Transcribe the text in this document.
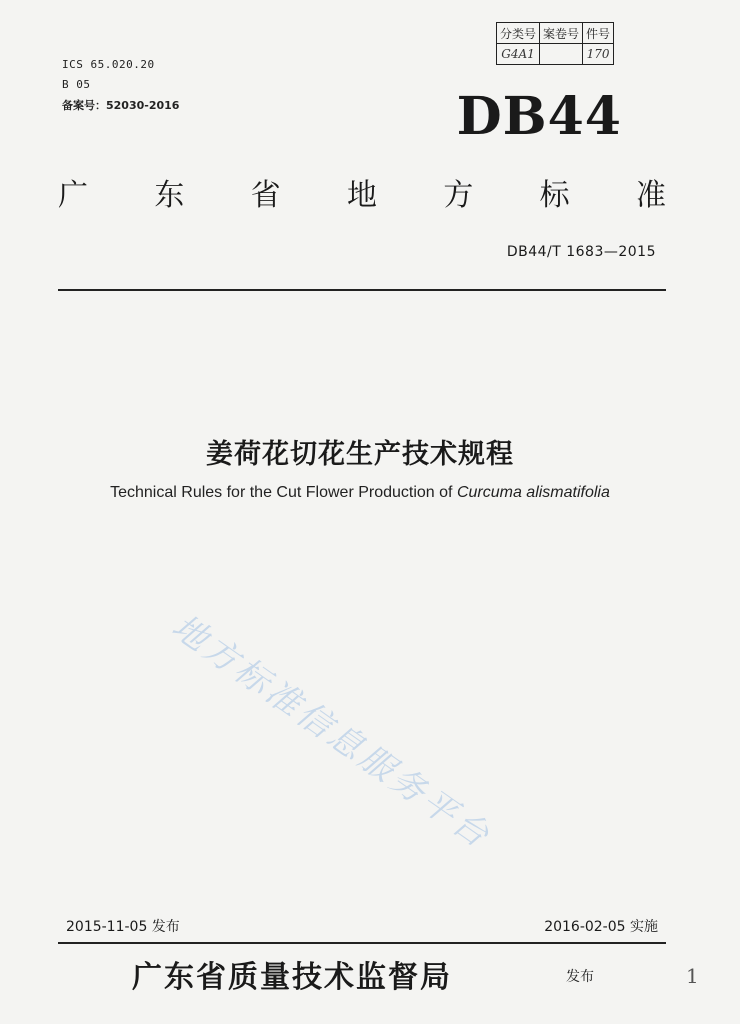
ICS 65.020.20
B 05
备案号：52030-2016
分类号	案卷号	件号
G4A1		170
DB44
广 东 省 地 方 标 准
DB44/T 1683—2015
姜荷花切花生产技术规程
Technical Rules for the Cut Flower Production of Curcuma alismatifolia
地方标准信息服务平台
2015-11-05 发布	2016-02-05 实施
广东省质量技术监督局	发布	1
